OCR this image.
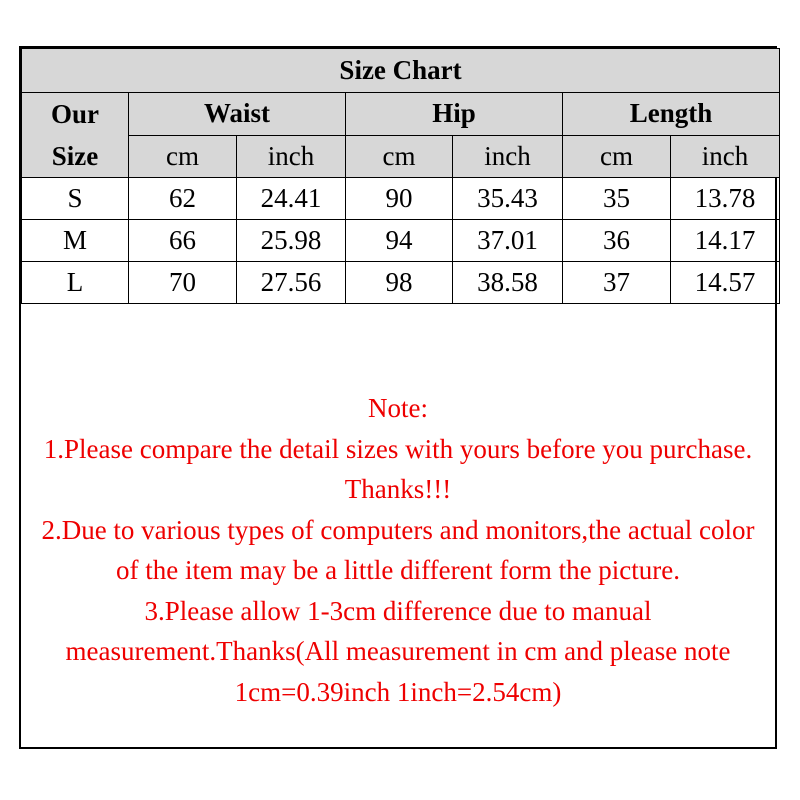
Size Chart						

Our
Size	Waist		Hip		Length	
	cm	inch	cm	inch	cm	inch
S	62	24.41	90	35.43	35	13.78
M	66	25.98	94	37.01	36	14.17
L	70	27.56	98	38.58	37	14.57
Note:
1.Please compare the detail sizes with yours before you purchase. Thanks!!!
2.Due to various types of computers and monitors,the actual color of the item may be a little different form the picture.
3.Please allow 1-3cm difference due to manual measurement.Thanks(All measurement in cm and please note 1cm=0.39inch 1inch=2.54cm)
